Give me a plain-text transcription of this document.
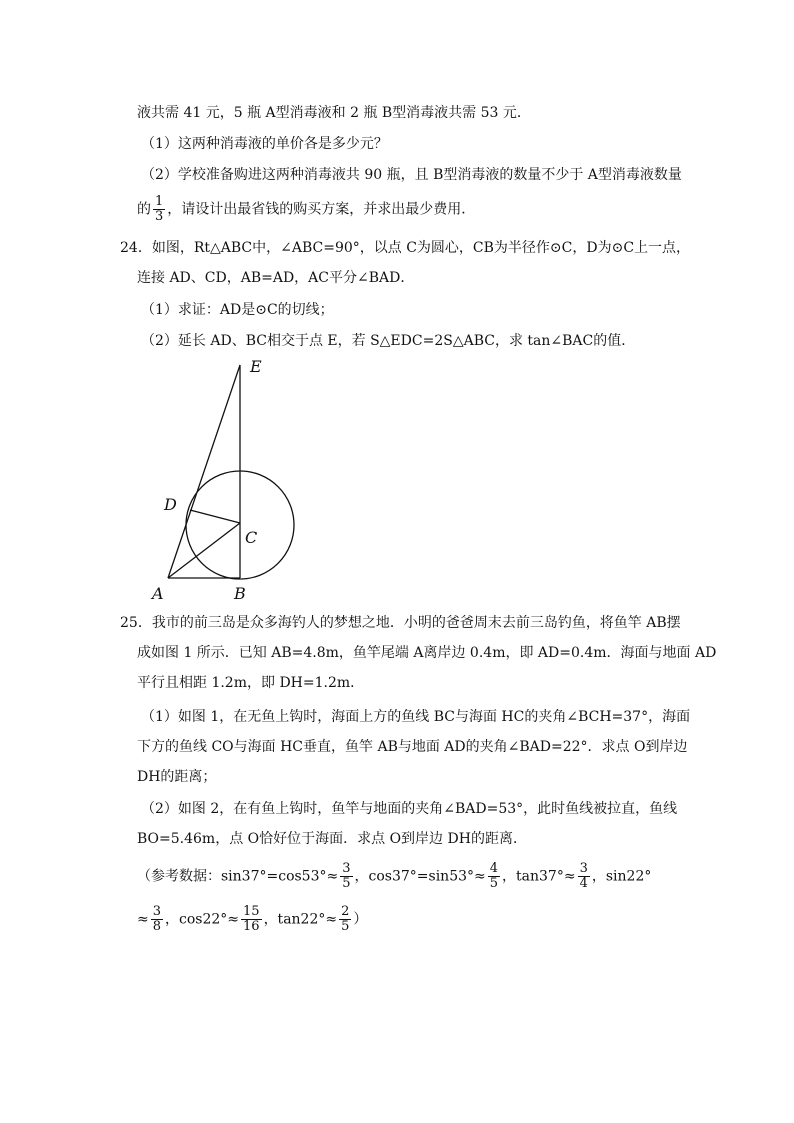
液共需 41 元，5 瓶 A型消毒液和 2 瓶 B型消毒液共需 53 元．
（1）这两种消毒液的单价各是多少元？
（2）学校准备购进这两种消毒液共 90 瓶，且 B型消毒液的数量不少于 A型消毒液数量
的 $\frac{1}{3}$ ，请设计出最省钱的购买方案，并求出最少费用．
24．如图，Rt△ABC中，∠ABC=90°，以点 C为圆心，CB为半径作⊙C，D为⊙C上一点，
连接 AD、CD，AB=AD，AC平分∠BAD．
（1）求证：AD是⊙C的切线；
（2）延长 AD、BC相交于点 E，若 S△EDC=2S△ABC，求 tan∠BAC的值．
E
D
C
A	B
25．我市的前三岛是众多海钓人的梦想之地．小明的爸爸周末去前三岛钓鱼，将鱼竿 AB摆
成如图 1 所示．已知 AB=4.8m，鱼竿尾端 A离岸边 0.4m，即 AD=0.4m．海面与地面 AD
平行且相距 1.2m，即 DH=1.2m．
（1）如图 1，在无鱼上钩时，海面上方的鱼线 BC与海面 HC的夹角∠BCH=37°，海面
下方的鱼线 CO与海面 HC垂直，鱼竿 AB与地面 AD的夹角∠BAD=22°．求点 O到岸边
DH的距离；
（2）如图 2，在有鱼上钩时，鱼竿与地面的夹角∠BAD=53°，此时鱼线被拉直，鱼线
BO=5.46m，点 O恰好位于海面．求点 O到岸边 DH的距离．
（参考数据：$\sin 37^\circ=\cos 53^\circ\approx \frac{3}{5}$ ，$\cos 37^\circ=\sin 53^\circ\approx \frac{4}{5}$ ，$\tan 37^\circ\approx \frac{3}{4}$ ，sin22°
≈ $\frac{3}{8}$ ，$\cos 22^\circ\approx \frac{15}{16}$ ，$\tan 22^\circ\approx \frac{2}{5}$ ）
